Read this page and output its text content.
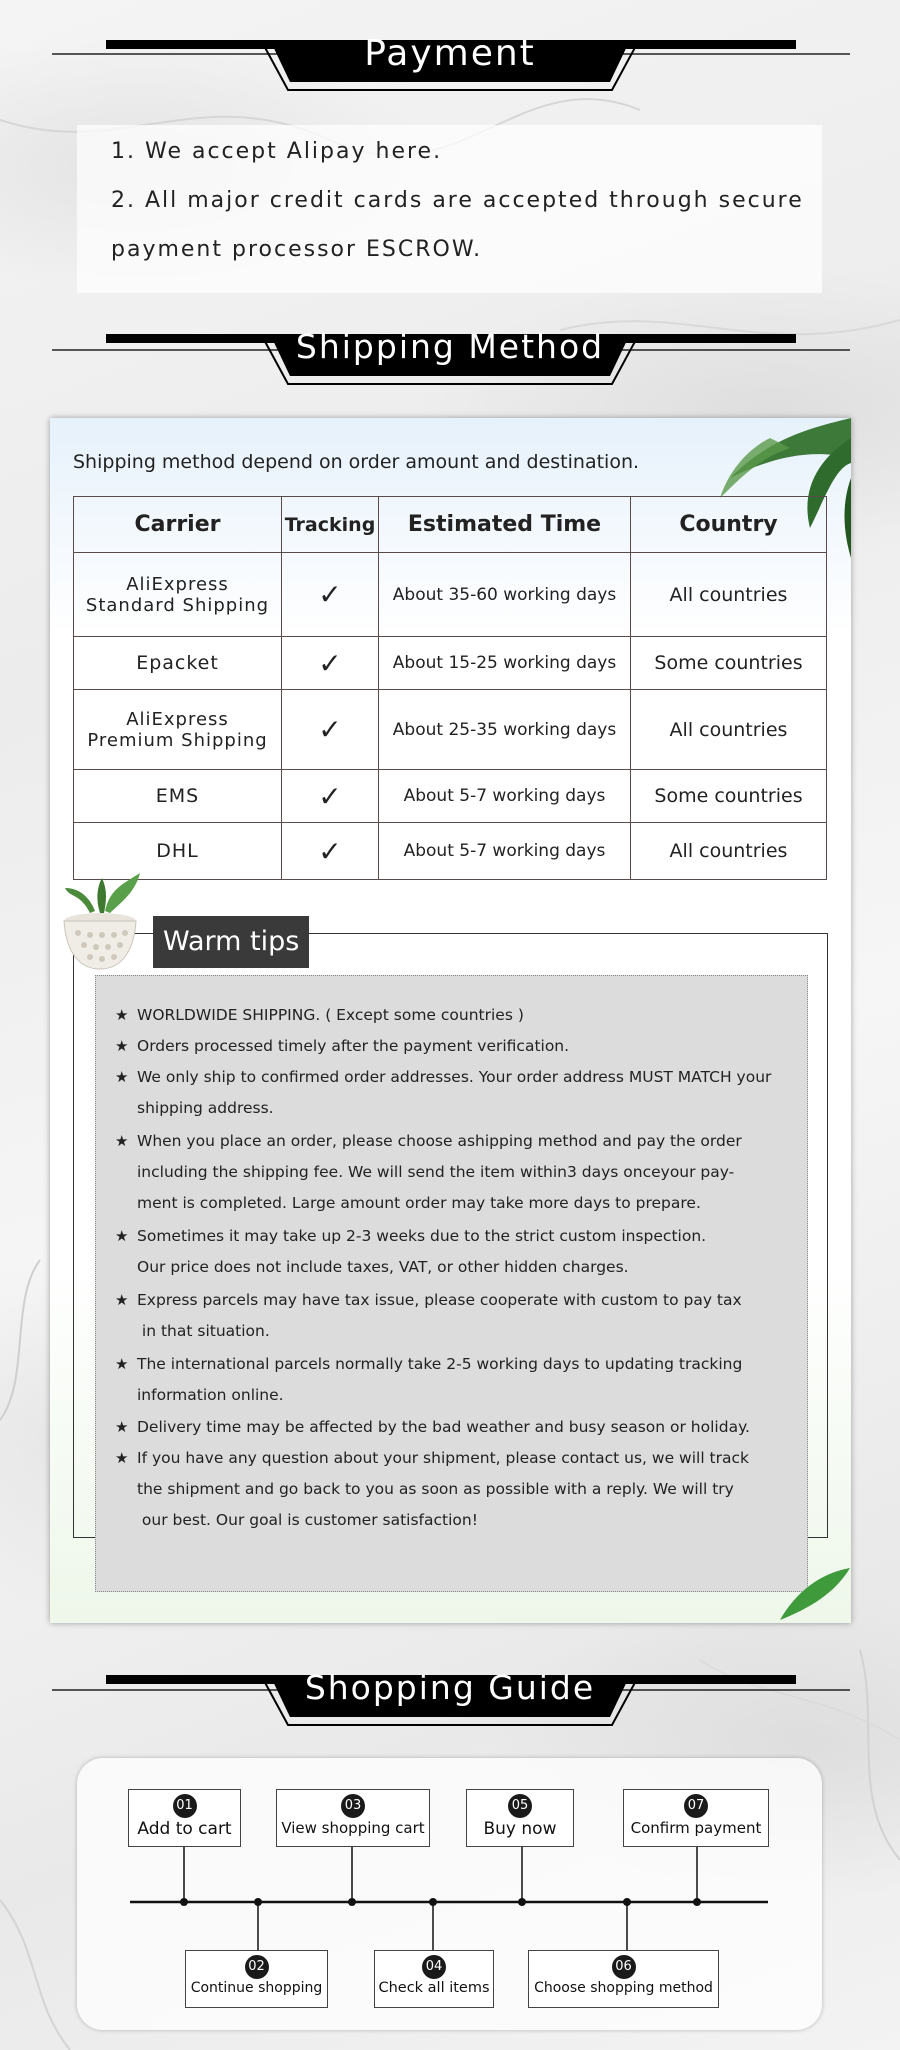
Payment
1. We accept Alipay here.
2. All major credit cards are accepted through secure
payment processor ESCROW.
Shipping Method
Shipping method depend on order amount and destination.
Carrier	Tracking	Estimated Time	Country
AliExpress
Standard Shipping	✓	About 35-60 working days	All countries
Epacket	✓	About 15-25 working days	Some countries
AliExpress
Premium Shipping	✓	About 25-35 working days	All countries
EMS	✓	About 5-7 working days	Some countries
DHL	✓	About 5-7 working days	All countries
Warm tips
★ WORLDWIDE SHIPPING. ( Except some countries )
★ Orders processed timely after the payment verification.
★ We only ship to confirmed order addresses. Your order address MUST MATCH your
shipping address.
★ When you place an order, please choose ashipping method and pay the order
including the shipping fee. We will send the item within3 days onceyour pay-
ment is completed. Large amount order may take more days to prepare.
★ Sometimes it may take up 2-3 weeks due to the strict custom inspection.
Our price does not include taxes, VAT, or other hidden charges.
★ Express parcels may have tax issue, please cooperate with custom to pay tax
in that situation.
★ The international parcels normally take 2-5 working days to updating tracking
information online.
★ Delivery time may be affected by the bad weather and busy season or holiday.
★ If you have any question about your shipment, please contact us, we will track
the shipment and go back to you as soon as possible with a reply. We will try
our best. Our goal is customer satisfaction!
Shopping Guide
01
Add to cart
03
View shopping cart
05
Buy now
07
Confirm payment
02
Continue shopping
04
Check all items
06
Choose shopping method
